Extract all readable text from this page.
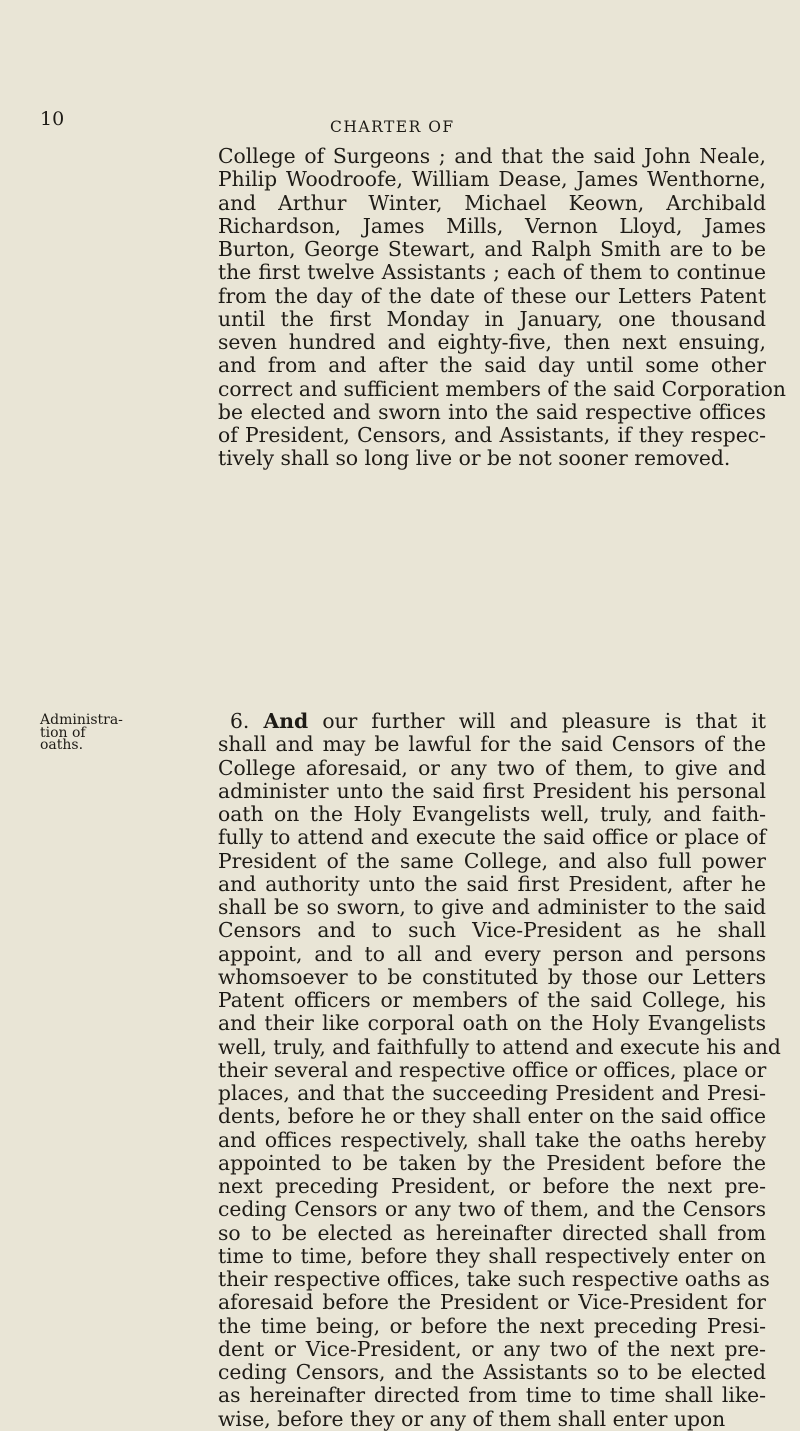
10	CHARTER OF
Administra-
tion of
oaths.
College of Surgeons ; and that the said John Neale,
Philip Woodroofe, William Dease, James Wenthorne,
and Arthur Winter, Michael Keown, Archibald
Richardson, James Mills, Vernon Lloyd, James
Burton, George Stewart, and Ralph Smith are to be
the first twelve Assistants ; each of them to continue
from the day of the date of these our Letters Patent
until the first Monday in January, one thousand
seven hundred and eighty-five, then next ensuing,
and from and after the said day until some other
correct and sufficient members of the said Corporation
be elected and sworn into the said respective offices
of President, Censors, and Assistants, if they respec-
tively shall so long live or be not sooner removed.
6. And our further will and pleasure is that it
shall and may be lawful for the said Censors of the
College aforesaid, or any two of them, to give and
administer unto the said first President his personal
oath on the Holy Evangelists well, truly, and faith-
fully to attend and execute the said office or place of
President of the same College, and also full power
and authority unto the said first President, after he
shall be so sworn, to give and administer to the said
Censors and to such Vice-President as he shall
appoint, and to all and every person and persons
whomsoever to be constituted by those our Letters
Patent officers or members of the said College, his
and their like corporal oath on the Holy Evangelists
well, truly, and faithfully to attend and execute his and
their several and respective office or offices, place or
places, and that the succeeding President and Presi-
dents, before he or they shall enter on the said office
and offices respectively, shall take the oaths hereby
appointed to be taken by the President before the
next preceding President, or before the next pre-
ceding Censors or any two of them, and the Censors
so to be elected as hereinafter directed shall from
time to time, before they shall respectively enter on
their respective offices, take such respective oaths as
aforesaid before the President or Vice-President for
the time being, or before the next preceding Presi-
dent or Vice-President, or any two of the next pre-
ceding Censors, and the Assistants so to be elected
as hereinafter directed from time to time shall like-
wise, before they or any of them shall enter upon
